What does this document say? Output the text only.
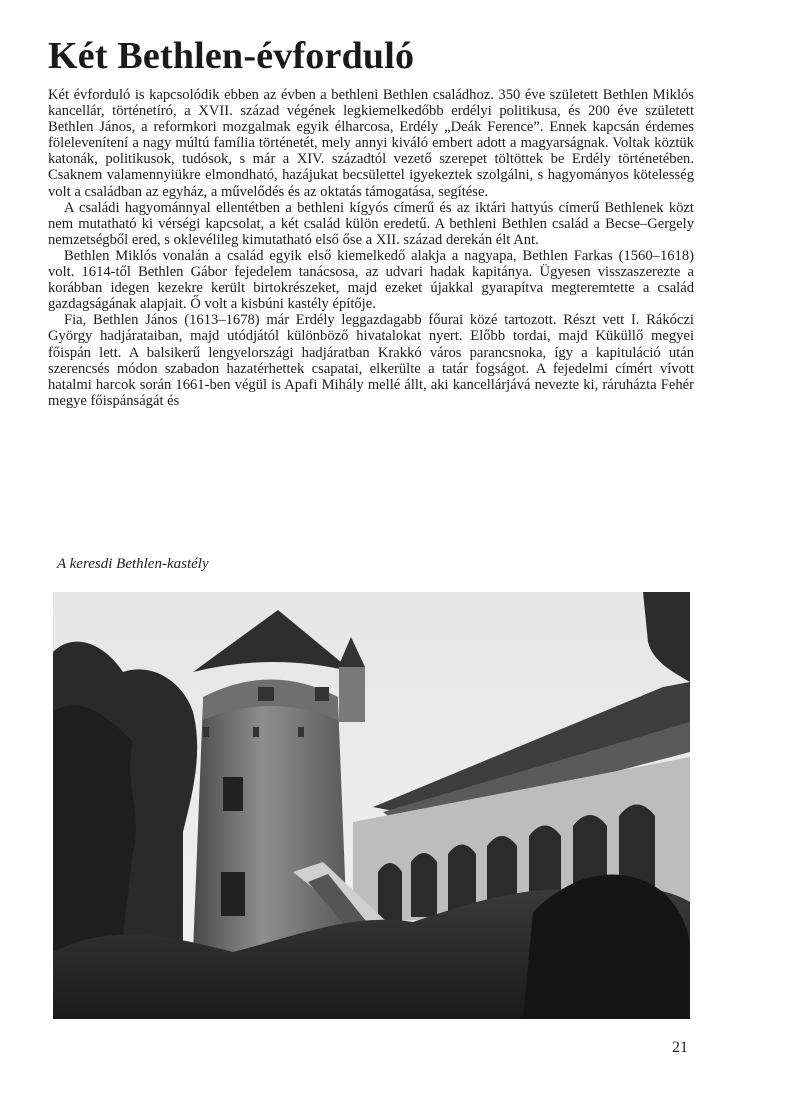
Két Bethlen-évforduló

Két évforduló is kapcsolódik ebben az évben a bethleni Bethlen családhoz. 350 éve született Bethlen Miklós kancellár, történetíró, a XVII. század végének legkiemelkedőbb erdélyi politikusa, és 200 éve született Bethlen János, a reformkori mozgalmak egyik élharcosa, Erdély „Deák Ference”. Ennek kapcsán érdemes fölelevenítení a nagy múltú família történetét, mely annyi kiváló embert adott a magyarságnak. Voltak köztük katonák, politikusok, tudósok, s már a XIV. századtól vezető szerepet töltöttek be Erdély történetében. Csaknem valamennyiükre elmondható, hazájukat becsülettel igyekeztek szolgálni, s hagyományos kötelesség volt a családban az egyház, a művelődés és az oktatás támogatása, segítése.

A családi hagyománnyal ellentétben a bethleni kígyós címerű és az iktári hattyús címerű Bethlenek közt nem mutatható ki vérségi kapcsolat, a két család külön eredetű. A bethleni Bethlen család a Becse–Gergely nemzetségből ered, s oklevélileg kimutatható első őse a XII. század derekán élt Ant.

Bethlen Miklós vonalán a család egyik első kiemelkedő alakja a nagyapa, Bethlen Farkas (1560–1618) volt. 1614-től Bethlen Gábor fejedelem tanácsosa, az udvari hadak kapitánya. Ügyesen visszaszerezte a korábban idegen kezekre került birtokrészeket, majd ezeket újakkal gyarapítva megteremtette a család gazdagságának alapjait. Ő volt a kisbúni kastély építője.

Fia, Bethlen János (1613–1678) már Erdély leggazdagabb főurai közé tartozott. Részt vett I. Rákóczi György hadjárataiban, majd utódjától különböző hivatalokat nyert. Előbb tordai, majd Küküllő megyei főispán lett. A balsikerű lengyelországi hadjáratban Krakkó város parancsnoka, így a kapituláció után szerencsés módon szabadon hazatérhettek csapatai, elkerülte a tatár fogságot. A fejedelmi címért vívott hatalmi harcok során 1661-ben végül is Apafi Mihály mellé állt, aki kancellárjává nevezte ki, ráruházta Fehér megye főispánságát és

A keresdi Bethlen-kastély
21
